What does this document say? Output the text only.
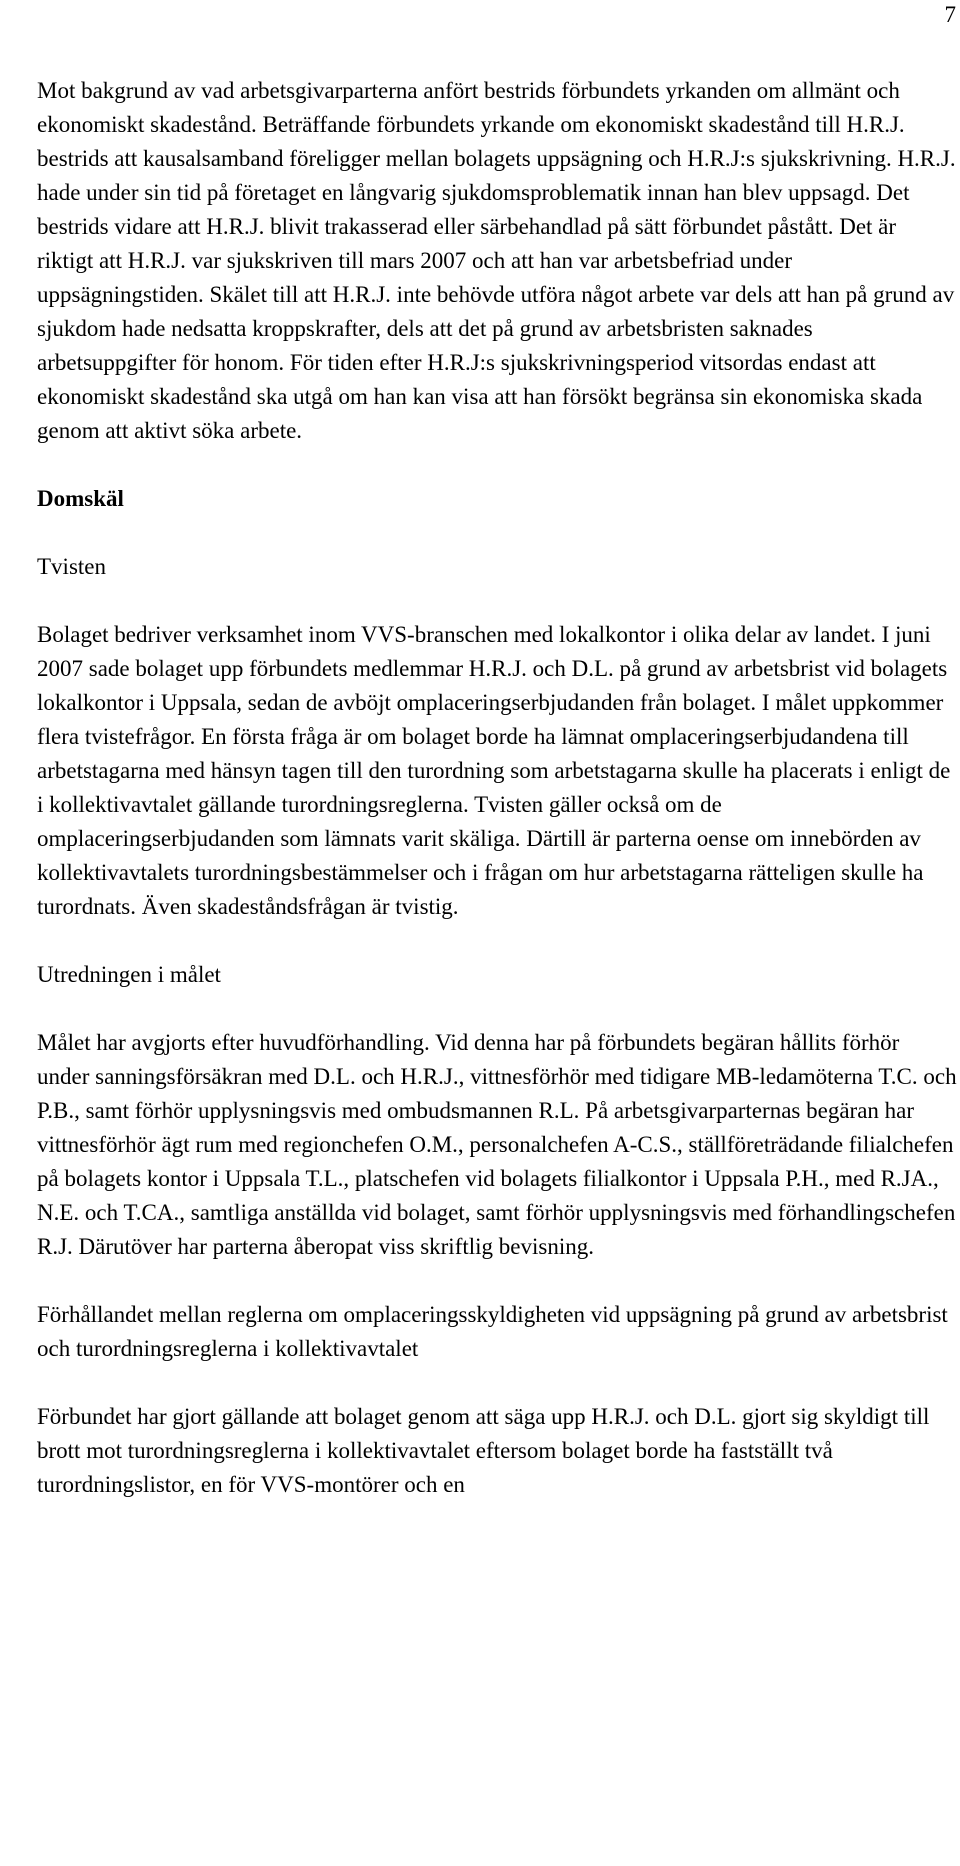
7

Mot bakgrund av vad arbetsgivarparterna anfört bestrids förbundets yrkanden om allmänt och ekonomiskt skadestånd. Beträffande förbundets yrkande om ekonomiskt skadestånd till H.R.J. bestrids att kausalsamband föreligger mellan bolagets uppsägning och H.R.J:s sjukskrivning. H.R.J. hade under sin tid på företaget en långvarig sjukdomsproblematik innan han blev uppsagd. Det bestrids vidare att H.R.J. blivit trakasserad eller särbehandlad på sätt förbundet påstått. Det är riktigt att H.R.J. var sjukskriven till mars 2007 och att han var arbetsbefriad under uppsägningstiden. Skälet till att H.R.J. inte behövde utföra något arbete var dels att han på grund av sjukdom hade nedsatta kroppskrafter, dels att det på grund av arbetsbristen saknades arbetsuppgifter för honom. För tiden efter H.R.J:s sjukskrivningsperiod vitsordas endast att ekonomiskt skadestånd ska utgå om han kan visa att han försökt begränsa sin ekonomiska skada genom att aktivt söka arbete.

Domskäl

Tvisten

Bolaget bedriver verksamhet inom VVS-branschen med lokalkontor i olika delar av landet. I juni 2007 sade bolaget upp förbundets medlemmar H.R.J. och D.L. på grund av arbetsbrist vid bolagets lokalkontor i Uppsala, sedan de avböjt omplaceringserbjudanden från bolaget. I målet uppkommer flera tvistefrågor. En första fråga är om bolaget borde ha lämnat omplaceringserbjudandena till arbetstagarna med hänsyn tagen till den turordning som arbetstagarna skulle ha placerats i enligt de i kollektivavtalet gällande turordningsreglerna. Tvisten gäller också om de omplaceringserbjudanden som lämnats varit skäliga. Därtill är parterna oense om innebörden av kollektivavtalets turordningsbestämmelser och i frågan om hur arbetstagarna rätteligen skulle ha turordnats. Även skadeståndsfrågan är tvistig.

Utredningen i målet

Målet har avgjorts efter huvudförhandling. Vid denna har på förbundets begäran hållits förhör under sanningsförsäkran med D.L. och H.R.J., vittnesförhör med tidigare MB-ledamöterna T.C. och P.B., samt förhör upplysningsvis med ombudsmannen R.L. På arbetsgivarparternas begäran har vittnesförhör ägt rum med regionchefen O.M., personalchefen A-C.S., ställföreträdande filialchefen på bolagets kontor i Uppsala T.L., platschefen vid bolagets filialkontor i Uppsala P.H., med R.JA., N.E. och T.CA., samtliga anställda vid bolaget, samt förhör upplysningsvis med förhandlingschefen R.J. Därutöver har parterna åberopat viss skriftlig bevisning.

Förhållandet mellan reglerna om omplaceringsskyldigheten vid uppsägning på grund av arbetsbrist och turordningsreglerna i kollektivavtalet

Förbundet har gjort gällande att bolaget genom att säga upp H.R.J. och D.L. gjort sig skyldigt till brott mot turordningsreglerna i kollektivavtalet eftersom bolaget borde ha fastställt två turordningslistor, en för VVS-montörer och en
